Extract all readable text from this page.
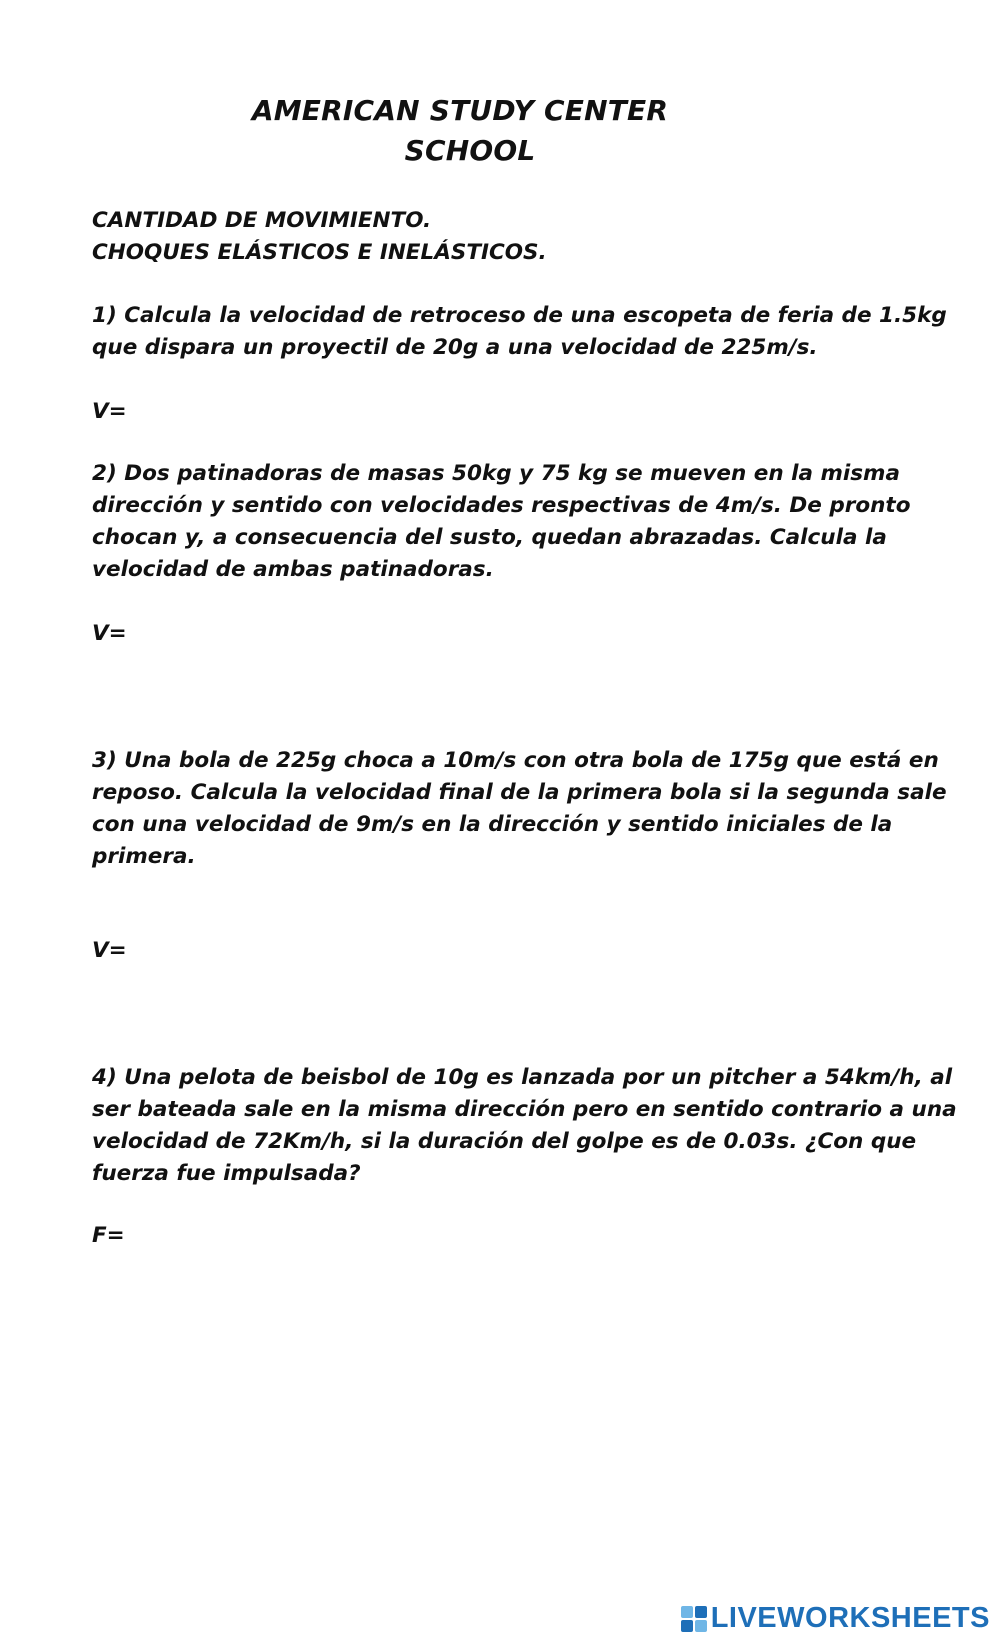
AMERICAN STUDY CENTER
SCHOOL
CANTIDAD DE MOVIMIENTO.
CHOQUES ELÁSTICOS E INELÁSTICOS.
1) Calcula la velocidad de retroceso de una escopeta de feria de 1.5kg
que dispara un proyectil de 20g a una velocidad de 225m/s.
V=
2) Dos patinadoras de masas 50kg y 75 kg se mueven en la misma
dirección y sentido con velocidades respectivas de 4m/s. De pronto
chocan y, a consecuencia del susto, quedan abrazadas. Calcula la
velocidad de ambas patinadoras.
V=
3) Una bola de 225g choca a 10m/s con otra bola de 175g que está en
reposo. Calcula la velocidad final de la primera bola si la segunda sale
con una velocidad de 9m/s en la dirección y sentido iniciales de la
primera.
V=
4) Una pelota de beisbol de 10g es lanzada por un pitcher a 54km/h, al
ser bateada sale en la misma dirección pero en sentido contrario a una
velocidad de 72Km/h, si la duración del golpe es de 0.03s. ¿Con que
fuerza fue impulsada?
F=
LIVEWORKSHEETS
